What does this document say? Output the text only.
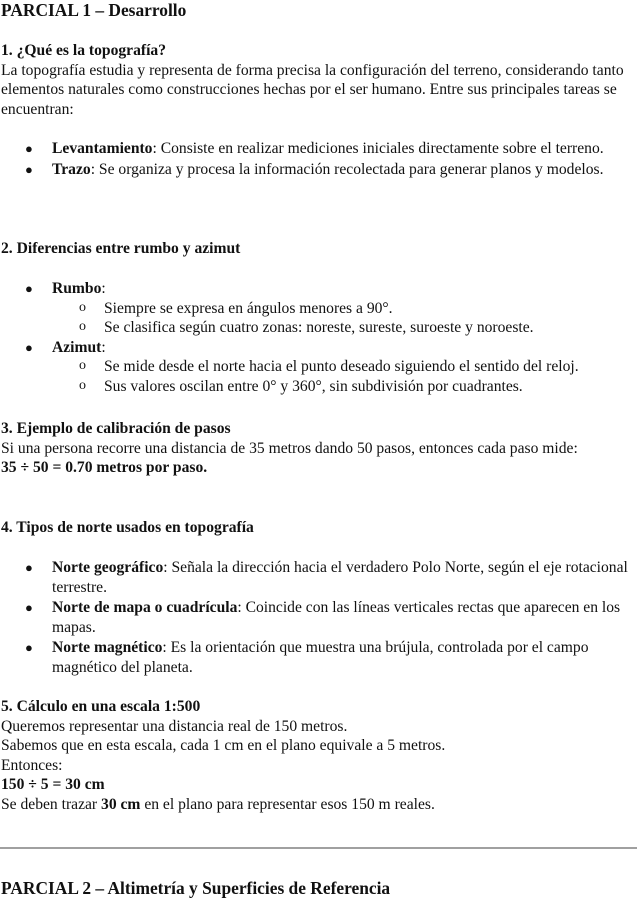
PARCIAL 1 – Desarrollo
1. ¿Qué es la topografía?
La topografía estudia y representa de forma precisa la configuración del terreno, considerando tanto elementos naturales como construcciones hechas por el ser humano. Entre sus principales tareas se encuentran:
● Levantamiento: Consiste en realizar mediciones iniciales directamente sobre el terreno.
● Trazo: Se organiza y procesa la información recolectada para generar planos y modelos.
2. Diferencias entre rumbo y azimut
● Rumbo:
o Siempre se expresa en ángulos menores a 90°.
o Se clasifica según cuatro zonas: noreste, sureste, suroeste y noroeste.
● Azimut:
o Se mide desde el norte hacia el punto deseado siguiendo el sentido del reloj.
o Sus valores oscilan entre 0° y 360°, sin subdivisión por cuadrantes.
3. Ejemplo de calibración de pasos
Si una persona recorre una distancia de 35 metros dando 50 pasos, entonces cada paso mide:
35 ÷ 50 = 0.70 metros por paso.
4. Tipos de norte usados en topografía
● Norte geográfico: Señala la dirección hacia el verdadero Polo Norte, según el eje rotacional terrestre.
● Norte de mapa o cuadrícula: Coincide con las líneas verticales rectas que aparecen en los mapas.
● Norte magnético: Es la orientación que muestra una brújula, controlada por el campo magnético del planeta.
5. Cálculo en una escala 1:500
Queremos representar una distancia real de 150 metros.
Sabemos que en esta escala, cada 1 cm en el plano equivale a 5 metros.
Entonces:
150 ÷ 5 = 30 cm
Se deben trazar 30 cm en el plano para representar esos 150 m reales.
PARCIAL 2 – Altimetría y Superficies de Referencia
